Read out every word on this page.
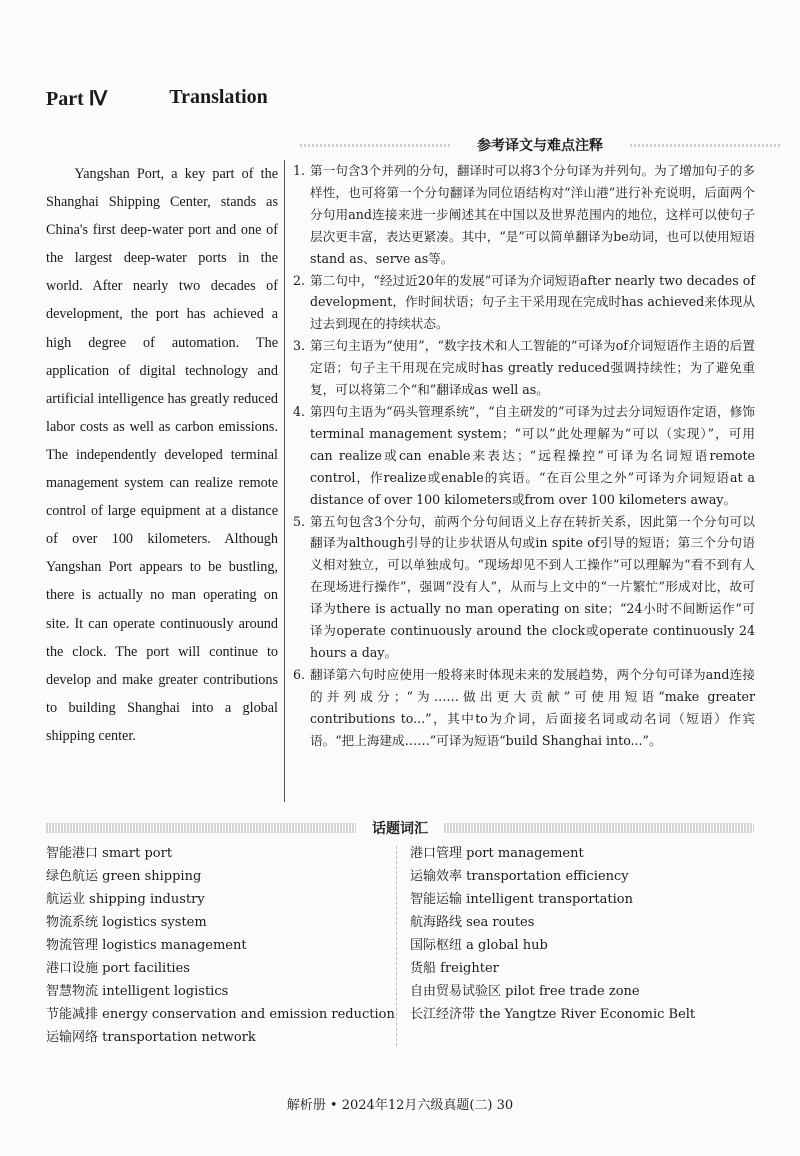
Part Ⅳ	Translation
参考译文与难点注释

Yangshan Port, a key part of the Shanghai Shipping Center, stands as China's first deep-water port and one of the largest deep-water ports in the world. After nearly two decades of development, the port has achieved a high degree of automation. The application of digital technology and artificial intelligence has greatly reduced labor costs as well as carbon emissions. The independently developed terminal management system can realize remote control of large equipment at a distance of over 100 kilometers. Although Yangshan Port appears to be bustling, there is actually no man operating on site. It can operate continuously around the clock. The port will continue to develop and make greater contributions to building Shanghai into a global shipping center.

1. 第一句含3个并列的分句，翻译时可以将3个分句译为并列句。为了增加句子的多样性，也可将第一个分句翻译为同位语结构对“洋山港”进行补充说明，后面两个分句用and连接来进一步阐述其在中国以及世界范围内的地位，这样可以使句子层次更丰富，表达更紧凑。其中，“是”可以简单翻译为be动词，也可以使用短语stand as、serve as等。
2. 第二句中，“经过近20年的发展”可译为介词短语after nearly two decades of development，作时间状语；句子主干采用现在完成时has achieved来体现从过去到现在的持续状态。
3. 第三句主语为“使用”，“数字技术和人工智能的”可译为of介词短语作主语的后置定语；句子主干用现在完成时has greatly reduced强调持续性；为了避免重复，可以将第二个“和”翻译成as well as。
4. 第四句主语为“码头管理系统”，“自主研发的”可译为过去分词短语作定语，修饰terminal management system；“可以”此处理解为“可以（实现）”，可用can realize或can enable来表达；“远程操控”可译为名词短语remote control，作realize或enable的宾语。“在百公里之外”可译为介词短语at a distance of over 100 kilometers或from over 100 kilometers away。
5. 第五句包含3个分句，前两个分句间语义上存在转折关系，因此第一个分句可以翻译为although引导的让步状语从句或in spite of引导的短语；第三个分句语义相对独立，可以单独成句。“现场却见不到人工操作”可以理解为“看不到有人在现场进行操作”，强调“没有人”，从而与上文中的“一片繁忙”形成对比，故可译为there is actually no man operating on site；“24小时不间断运作”可译为operate continuously around the clock或operate continuously 24 hours a day。
6. 翻译第六句时应使用一般将来时体现未来的发展趋势，两个分句可译为and连接的并列成分；“为……做出更大贡献”可使用短语“make greater contributions to...”，其中to为介词，后面接名词或动名词（短语）作宾语。“把上海建成……”可译为短语“build Shanghai into...”。
话题词汇
智能港口 smart port
绿色航运 green shipping
航运业 shipping industry
物流系统 logistics system
物流管理 logistics management
港口设施 port facilities
智慧物流 intelligent logistics
节能减排 energy conservation and emission reduction
运输网络 transportation network
港口管理 port management
运输效率 transportation efficiency
智能运输 intelligent transportation
航海路线 sea routes
国际枢纽 a global hub
货船 freighter
自由贸易试验区 pilot free trade zone
长江经济带 the Yangtze River Economic Belt
解析册 • 2024年12月六级真题(二) 30
